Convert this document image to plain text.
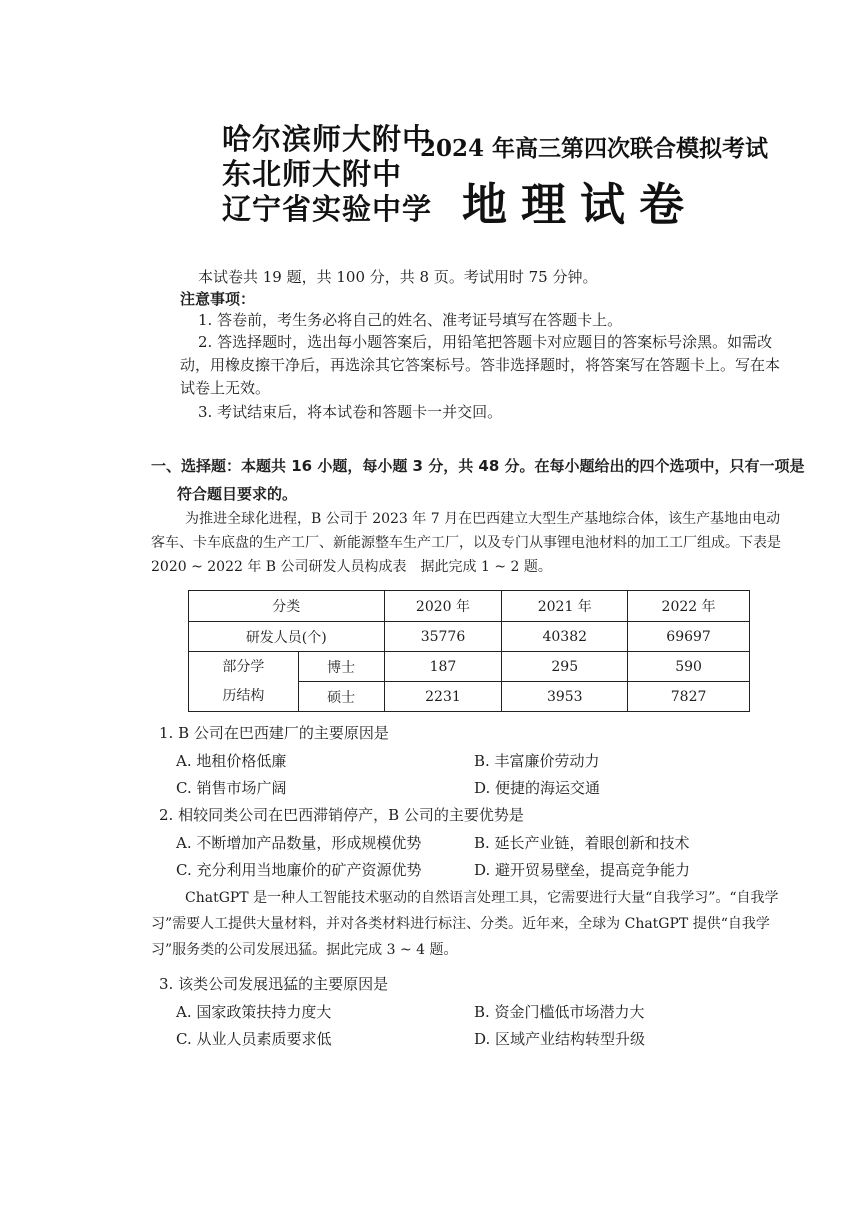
哈尔滨师大附中
东北师大附中
辽宁省实验中学
2024 年高三第四次联合模拟考试
地理试卷
本试卷共 19 题，共 100 分，共 8 页。考试用时 75 分钟。
注意事项：
1. 答卷前，考生务必将自己的姓名、准考证号填写在答题卡上。
2. 答选择题时，选出每小题答案后，用铅笔把答题卡对应题目的答案标号涂黑。如需改动，用橡皮擦干净后，再选涂其它答案标号。答非选择题时，将答案写在答题卡上。写在本试卷上无效。
3. 考试结束后，将本试卷和答题卡一并交回。
一、选择题：本题共 16 小题，每小题 3 分，共 48 分。在每小题给出的四个选项中，只有一项是符合题目要求的。
为推进全球化进程，B 公司于 2023 年 7 月在巴西建立大型生产基地综合体，该生产基地由电动客车、卡车底盘的生产工厂、新能源整车生产工厂，以及专门从事锂电池材料的加工工厂组成。下表是 2020 ~ 2022 年 B 公司研发人员构成表　据此完成 1 ~ 2 题。
分类		2020 年	2021 年	2022 年
研发人员(个)		35776	40382	69697
部分学
历结构	博士	187	295	590
	硕士	2231	3953	7827
1. B 公司在巴西建厂的主要原因是
A. 地租价格低廉	B. 丰富廉价劳动力
C. 销售市场广阔	D. 便捷的海运交通
2. 相较同类公司在巴西滞销停产，B 公司的主要优势是
A. 不断增加产品数量，形成规模优势	B. 延长产业链，着眼创新和技术
C. 充分利用当地廉价的矿产资源优势	D. 避开贸易壁垒，提高竞争能力
ChatGPT 是一种人工智能技术驱动的自然语言处理工具，它需要进行大量“自我学习”。“自我学习”需要人工提供大量材料，并对各类材料进行标注、分类。近年来，全球为 ChatGPT 提供“自我学习”服务类的公司发展迅猛。据此完成 3 ~ 4 题。
3. 该类公司发展迅猛的主要原因是
A. 国家政策扶持力度大	B. 资金门槛低市场潜力大
C. 从业人员素质要求低	D. 区域产业结构转型升级
